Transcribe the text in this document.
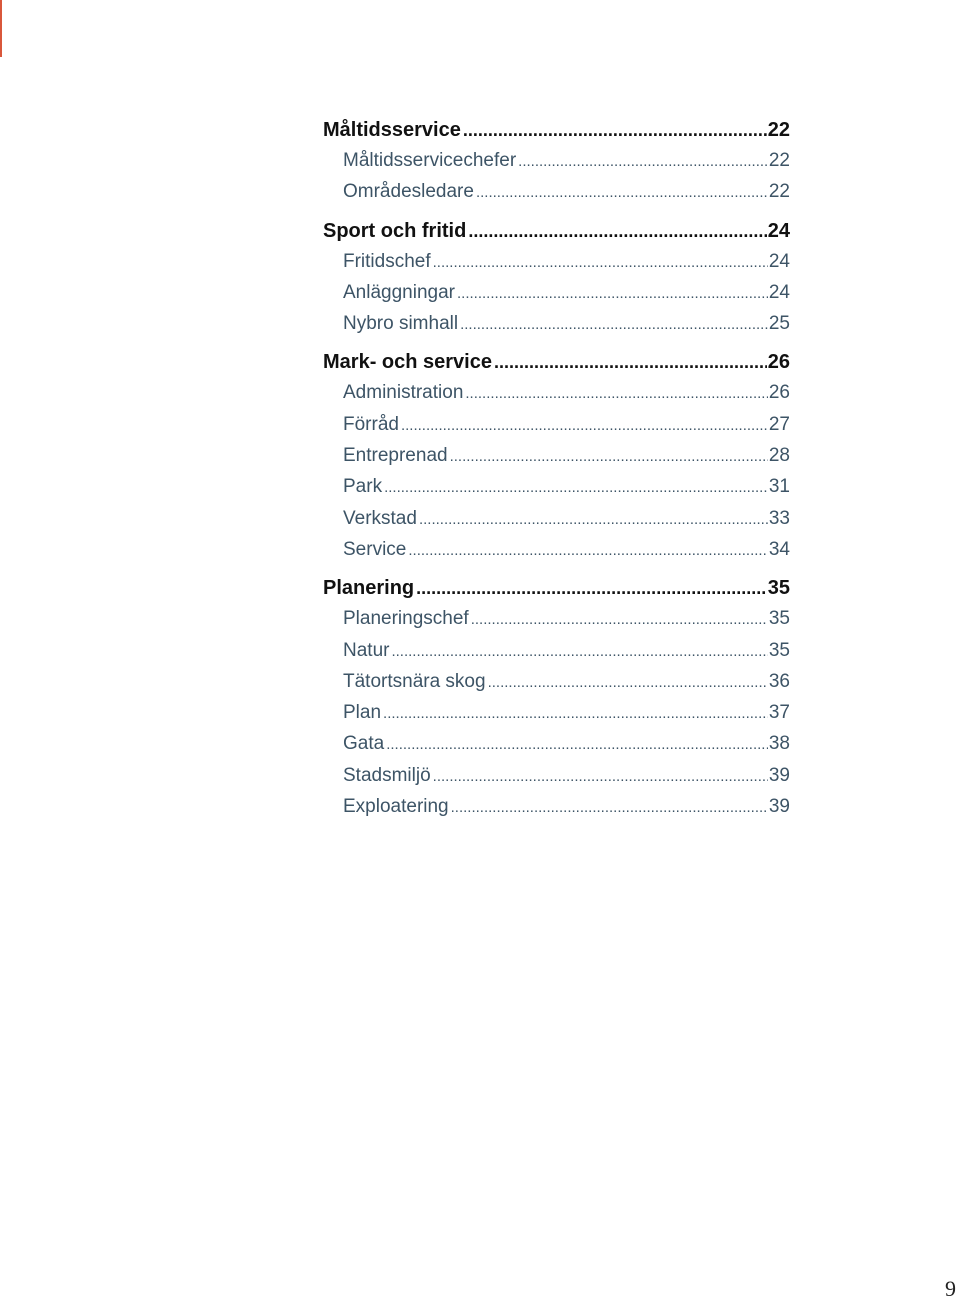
Måltidsservice .....	22
Måltidsservicechefer .....	22
Områdesledare .....	22
Sport och fritid .....	24
Fritidschef .....	24
Anläggningar .....	24
Nybro simhall .....	25
Mark- och service .....	26
Administration .....	26
Förråd .....	27
Entreprenad .....	28
Park .....	31
Verkstad .....	33
Service .....	34
Planering .....	35
Planeringschef .....	35
Natur .....	35
Tätortsnära skog .....	36
Plan .....	37
Gata .....	38
Stadsmiljö .....	39
Exploatering .....	39
9
